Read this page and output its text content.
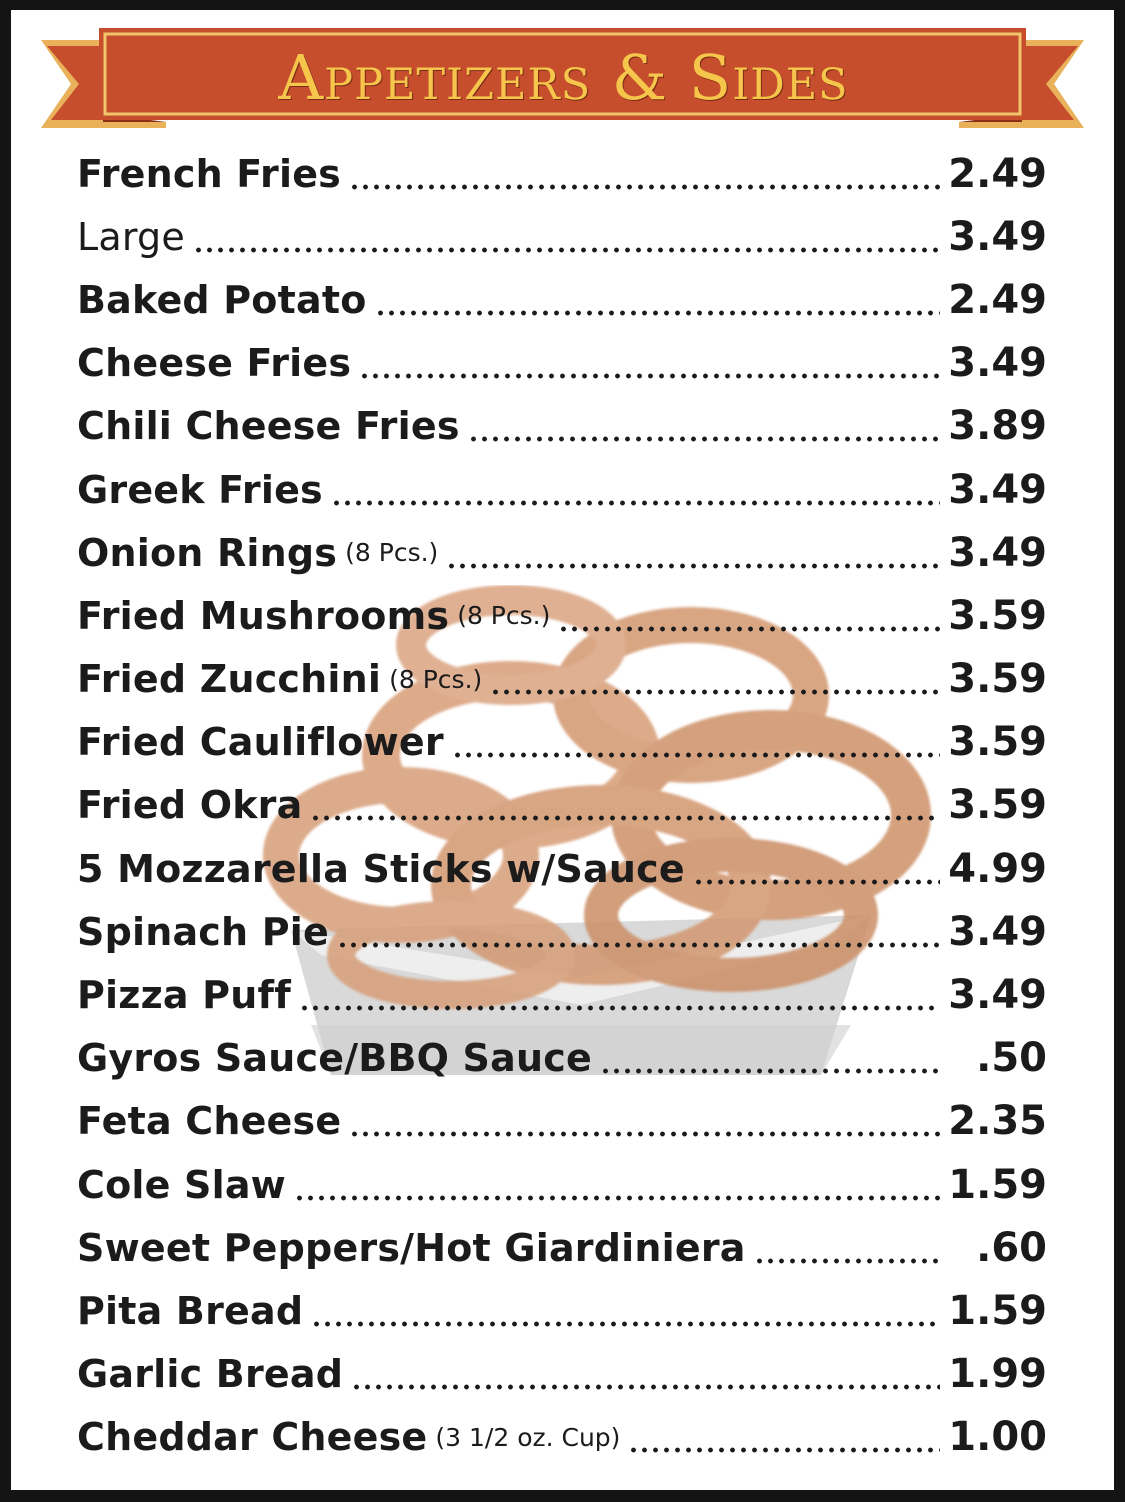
Appetizers & Sides
French Fries	2.49
Large	3.49
Baked Potato	2.49
Cheese Fries	3.49
Chili Cheese Fries	3.89
Greek Fries	3.49
Onion Rings (8 Pcs.)	3.49
Fried Mushrooms (8 Pcs.)	3.59
Fried Zucchini (8 Pcs.)	3.59
Fried Cauliflower	3.59
Fried Okra	3.59
5 Mozzarella Sticks w/Sauce	4.99
Spinach Pie	3.49
Pizza Puff	3.49
Gyros Sauce/BBQ Sauce	.50
Feta Cheese	2.35
Cole Slaw	1.59
Sweet Peppers/Hot Giardiniera	.60
Pita Bread	1.59
Garlic Bread	1.99
Cheddar Cheese (3 1/2 oz. Cup)	1.00
